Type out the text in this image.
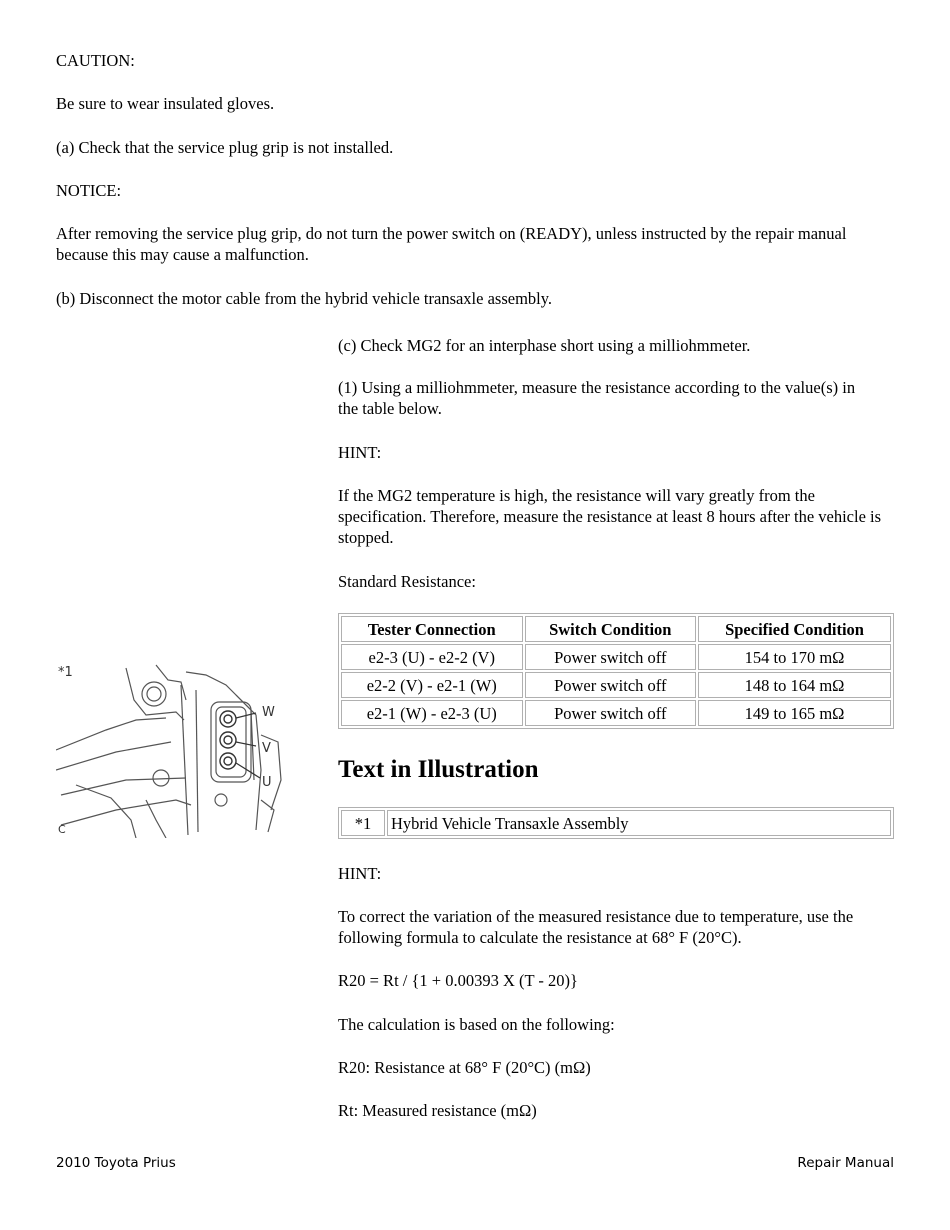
CAUTION:

Be sure to wear insulated gloves.

(a) Check that the service plug grip is not installed.

NOTICE:

After removing the service plug grip, do not turn the power switch on (READY), unless instructed by the repair manual because this may cause a malfunction.

(b) Disconnect the motor cable from the hybrid vehicle transaxle assembly.

(c) Check MG2 for an interphase short using a milliohmmeter.

(1) Using a milliohmmeter, measure the resistance according to the value(s) in the table below.

HINT:

If the MG2 temperature is high, the resistance will vary greatly from the specification. Therefore, measure the resistance at least 8 hours after the vehicle is stopped.

Standard Resistance:

Tester Connection	Switch Condition	Specified Condition
e2-3 (U) - e2-2 (V)	Power switch off	154 to 170 mΩ
e2-2 (V) - e2-1 (W)	Power switch off	148 to 164 mΩ
e2-1 (W) - e2-3 (U)	Power switch off	149 to 165 mΩ
*1
W
V
U
C
Text in Illustration
*1	Hybrid Vehicle Transaxle Assembly

HINT:

To correct the variation of the measured resistance due to temperature, use the following formula to calculate the resistance at 68° F (20°C).

R20 = Rt / {1 + 0.00393 X (T - 20)}

The calculation is based on the following:

R20: Resistance at 68° F (20°C) (mΩ)

Rt: Measured resistance (mΩ)

2010 Toyota Prius	Repair Manual
